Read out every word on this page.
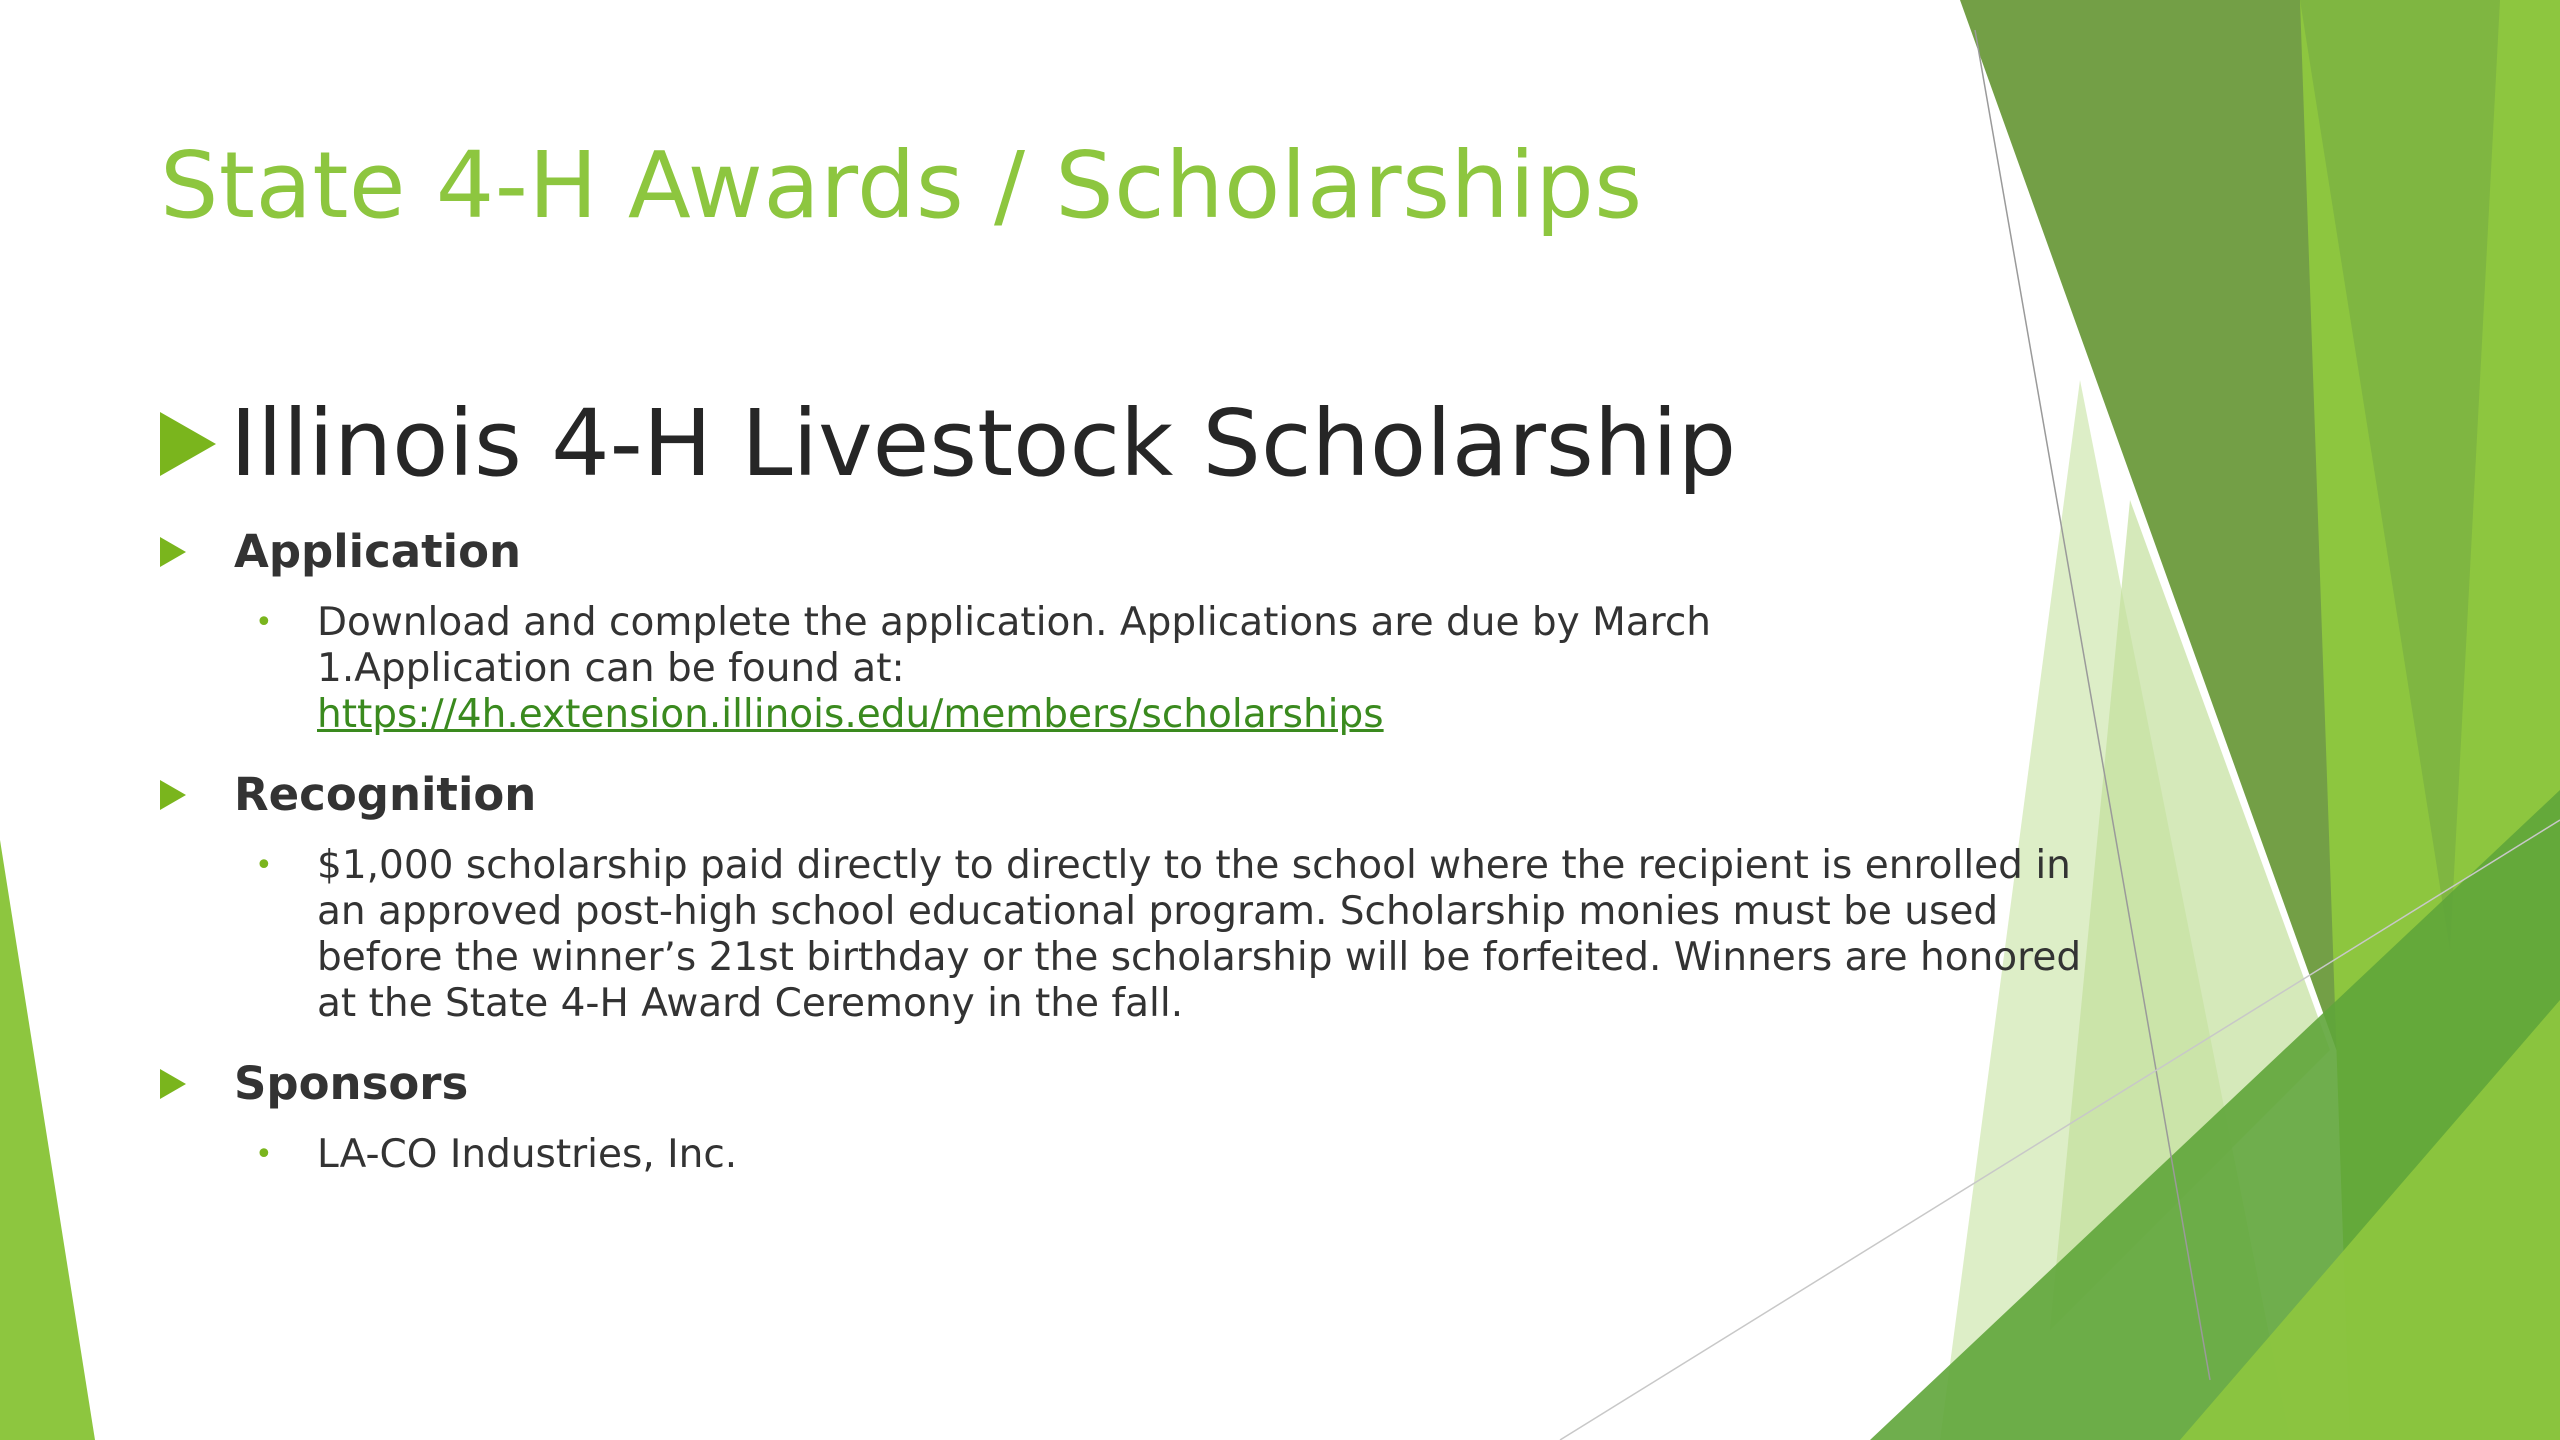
State 4-H Awards / Scholarships
Illinois 4-H Livestock Scholarship
Application
• Download and complete the application. Applications are due by March 1.Application can be found at:
https://4h.extension.illinois.edu/members/scholarships
Recognition
• $1,000 scholarship paid directly to directly to the school where the recipient is enrolled in an approved post-high school educational program. Scholarship monies must be used before the winner’s 21st birthday or the scholarship will be forfeited. Winners are honored at the State 4-H Award Ceremony in the fall.
Sponsors
• LA-CO Industries, Inc.
